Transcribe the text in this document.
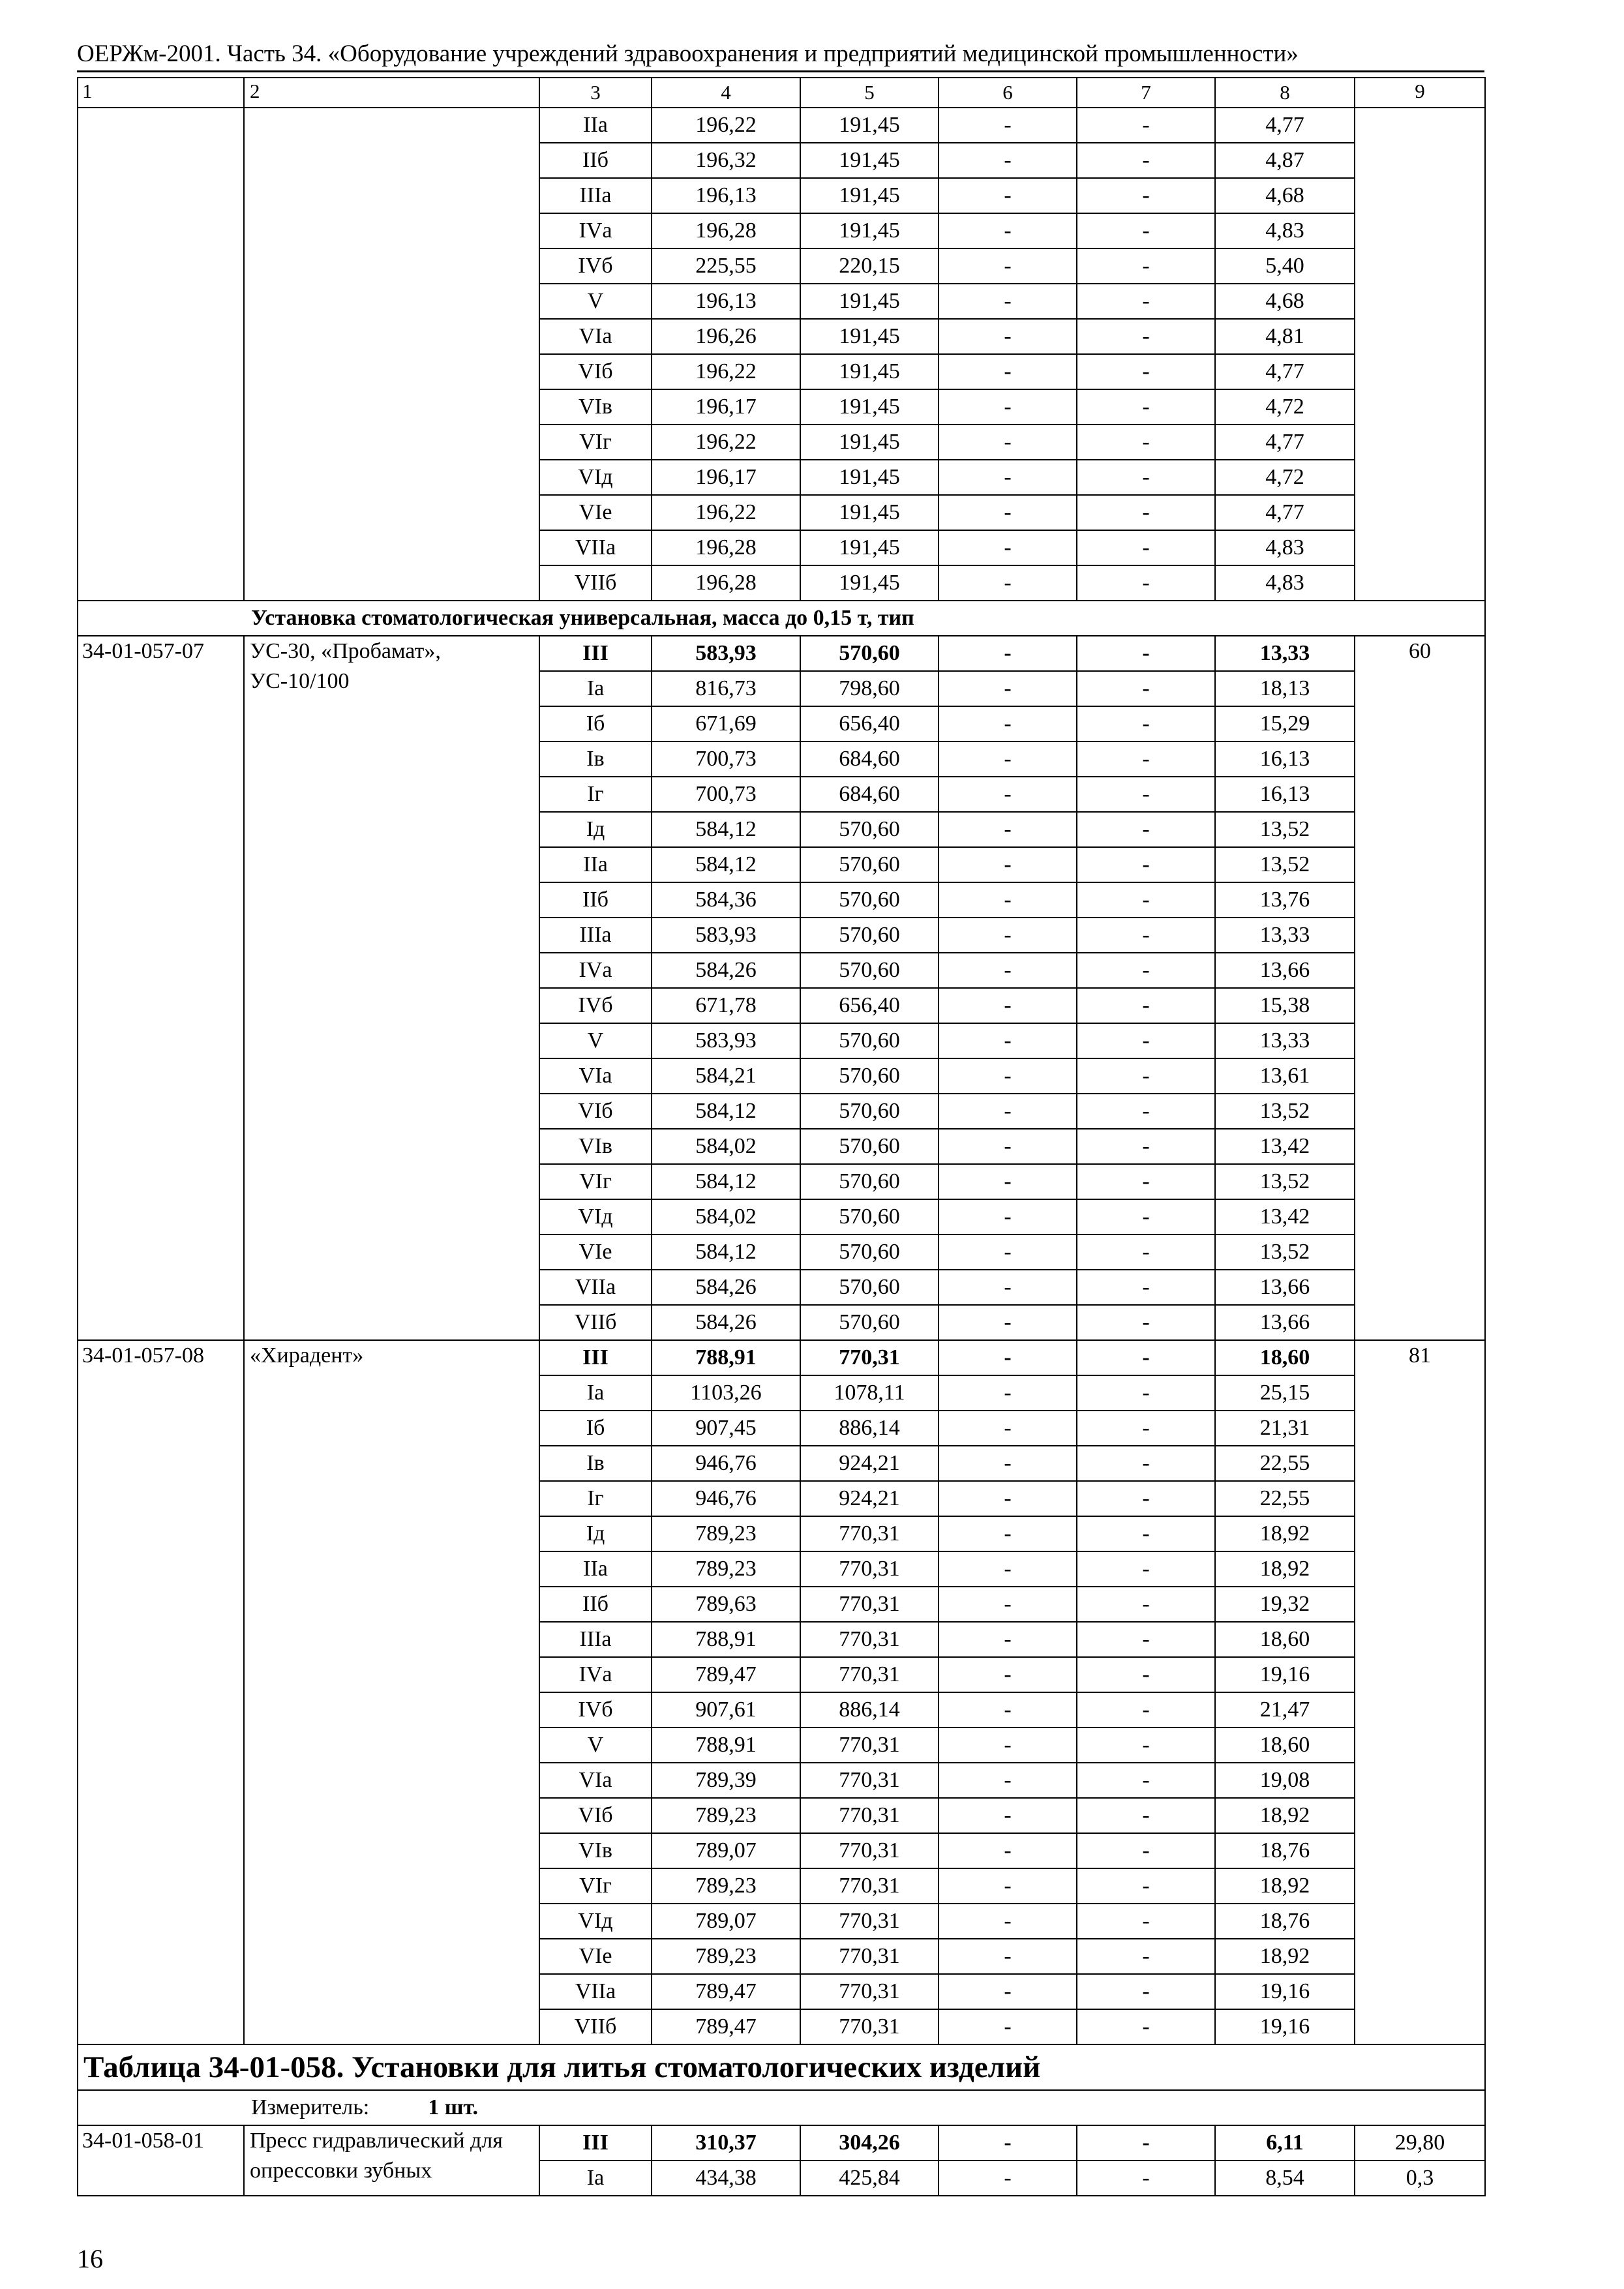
ОЕРЖм-2001. Часть 34. «Оборудование учреждений здравоохранения и предприятий медицинской промышленности»
1	2	3	4	5	6	7	8	9
		IIа	196,22	191,45	-	-	4,77	
		IIб	196,32	191,45	-	-	4,87	
		IIIа	196,13	191,45	-	-	4,68	
		IVа	196,28	191,45	-	-	4,83	
		IVб	225,55	220,15	-	-	5,40	
		V	196,13	191,45	-	-	4,68	
		VIа	196,26	191,45	-	-	4,81	
		VIб	196,22	191,45	-	-	4,77	
		VIв	196,17	191,45	-	-	4,72	
		VIг	196,22	191,45	-	-	4,77	
		VIд	196,17	191,45	-	-	4,72	
		VIе	196,22	191,45	-	-	4,77	
		VIIа	196,28	191,45	-	-	4,83	
		VIIб	196,28	191,45	-	-	4,83	
Установка стоматологическая универсальная, масса до 0,15 т, тип								
34-01-057-07	УС-30, «Пробамат», УС-10/100	III	583,93	570,60	-	-	13,33	60
		Iа	816,73	798,60	-	-	18,13	
		Iб	671,69	656,40	-	-	15,29	
		Iв	700,73	684,60	-	-	16,13	
		Iг	700,73	684,60	-	-	16,13	
		Iд	584,12	570,60	-	-	13,52	
		IIа	584,12	570,60	-	-	13,52	
		IIб	584,36	570,60	-	-	13,76	
		IIIа	583,93	570,60	-	-	13,33	
		IVа	584,26	570,60	-	-	13,66	
		IVб	671,78	656,40	-	-	15,38	
		V	583,93	570,60	-	-	13,33	
		VIа	584,21	570,60	-	-	13,61	
		VIб	584,12	570,60	-	-	13,52	
		VIв	584,02	570,60	-	-	13,42	
		VIг	584,12	570,60	-	-	13,52	
		VIд	584,02	570,60	-	-	13,42	
		VIе	584,12	570,60	-	-	13,52	
		VIIа	584,26	570,60	-	-	13,66	
		VIIб	584,26	570,60	-	-	13,66	
34-01-057-08	«Хирадент»	III	788,91	770,31	-	-	18,60	81
		Iа	1103,26	1078,11	-	-	25,15	
		Iб	907,45	886,14	-	-	21,31	
		Iв	946,76	924,21	-	-	22,55	
		Iг	946,76	924,21	-	-	22,55	
		Iд	789,23	770,31	-	-	18,92	
		IIа	789,23	770,31	-	-	18,92	
		IIб	789,63	770,31	-	-	19,32	
		IIIа	788,91	770,31	-	-	18,60	
		IVа	789,47	770,31	-	-	19,16	
		IVб	907,61	886,14	-	-	21,47	
		V	788,91	770,31	-	-	18,60	
		VIа	789,39	770,31	-	-	19,08	
		VIб	789,23	770,31	-	-	18,92	
		VIв	789,07	770,31	-	-	18,76	
		VIг	789,23	770,31	-	-	18,92	
		VIд	789,07	770,31	-	-	18,76	
		VIе	789,23	770,31	-	-	18,92	
		VIIа	789,47	770,31	-	-	19,16	
		VIIб	789,47	770,31	-	-	19,16	
Таблица 34-01-058. Установки для литья стоматологических изделий								
Измеритель: 1 шт.								
34-01-058-01	Пресс гидравлический для опрессовки зубных	III	310,37	304,26	-	-	6,11	29,80
		Iа	434,38	425,84	-	-	8,54	0,3
16
